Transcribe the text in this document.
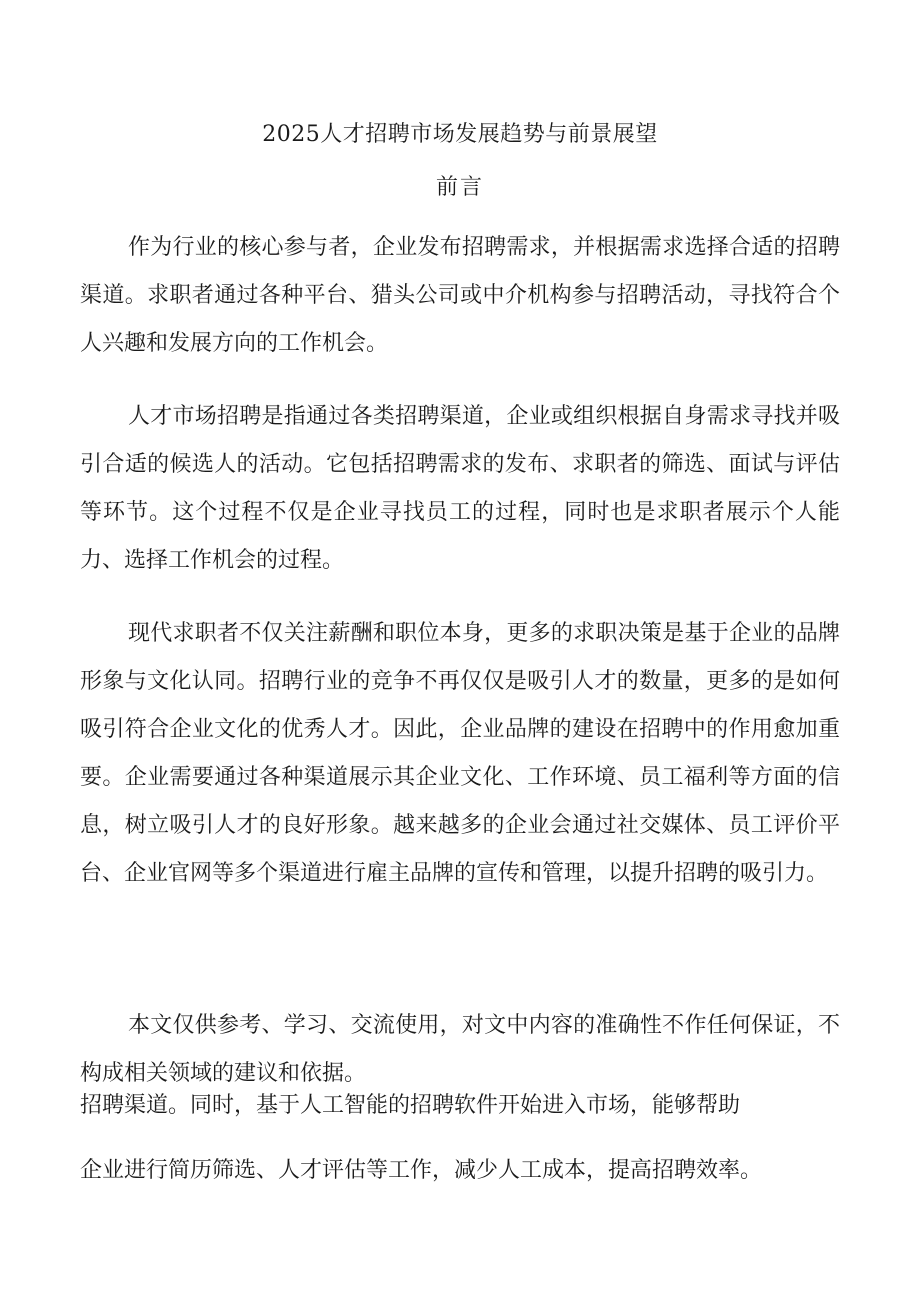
2025人才招聘市场发展趋势与前景展望
前言

作为行业的核心参与者，企业发布招聘需求，并根据需求选择合适的招聘渠道。求职者通过各种平台、猎头公司或中介机构参与招聘活动，寻找符合个人兴趣和发展方向的工作机会。

人才市场招聘是指通过各类招聘渠道，企业或组织根据自身需求寻找并吸引合适的候选人的活动。它包括招聘需求的发布、求职者的筛选、面试与评估等环节。这个过程不仅是企业寻找员工的过程，同时也是求职者展示个人能力、选择工作机会的过程。

现代求职者不仅关注薪酬和职位本身，更多的求职决策是基于企业的品牌形象与文化认同。招聘行业的竞争不再仅仅是吸引人才的数量，更多的是如何吸引符合企业文化的优秀人才。因此，企业品牌的建设在招聘中的作用愈加重要。企业需要通过各种渠道展示其企业文化、工作环境、员工福利等方面的信息，树立吸引人才的良好形象。越来越多的企业会通过社交媒体、员工评价平台、企业官网等多个渠道进行雇主品牌的宣传和管理，以提升招聘的吸引力。

本文仅供参考、学习、交流使用，对文中内容的准确性不作任何保证，不构成相关领域的建议和依据。

招聘渠道。同时，基于人工智能的招聘软件开始进入市场，能够帮助

企业进行简历筛选、人才评估等工作，减少人工成本，提高招聘效率。
